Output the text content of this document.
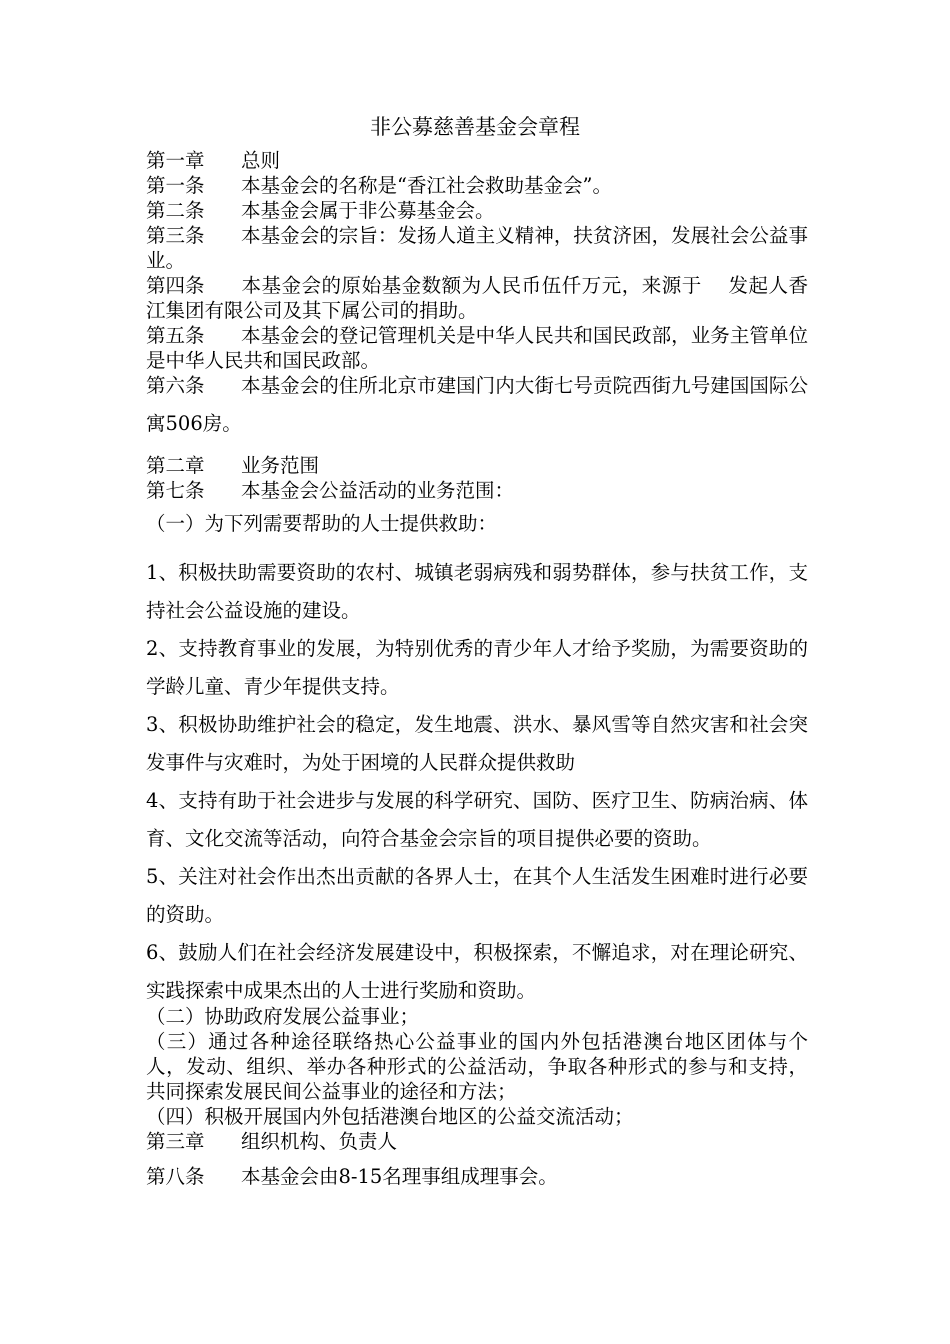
非公募慈善基金会章程

第一章 总则

第一条 本基金会的名称是“香江社会救助基金会”。

第二条 本基金会属于非公募基金会。

第三条 本基金会的宗旨：发扬人道主义精神，扶贫济困，发展社会公益事业。

第四条 本基金会的原始基金数额为人民币伍仟万元，来源于　 发起人香江集团有限公司及其下属公司的捐助。

第五条 本基金会的登记管理机关是中华人民共和国民政部，业务主管单位是中华人民共和国民政部。

第六条 本基金会的住所北京市建国门内大街七号贡院西街九号建国国际公寓506房。

第二章 业务范围

第七条 本基金会公益活动的业务范围：

（一）为下列需要帮助的人士提供救助：

1、积极扶助需要资助的农村、城镇老弱病残和弱势群体，参与扶贫工作，支持社会公益设施的建设。

2、支持教育事业的发展，为特别优秀的青少年人才给予奖励，为需要资助的学龄儿童、青少年提供支持。

3、积极协助维护社会的稳定，发生地震、洪水、暴风雪等自然灾害和社会突发事件与灾难时，为处于困境的人民群众提供救助

4、支持有助于社会进步与发展的科学研究、国防、医疗卫生、防病治病、体育、文化交流等活动，向符合基金会宗旨的项目提供必要的资助。

5、关注对社会作出杰出贡献的各界人士，在其个人生活发生困难时进行必要的资助。

6、鼓励人们在社会经济发展建设中，积极探索，不懈追求，对在理论研究、实践探索中成果杰出的人士进行奖励和资助。

（二）协助政府发展公益事业；

（三）通过各种途径联络热心公益事业的国内外包括港澳台地区团体与个人，发动、组织、举办各种形式的公益活动，争取各种形式的参与和支持，共同探索发展民间公益事业的途径和方法；

（四）积极开展国内外包括港澳台地区的公益交流活动；

第三章 组织机构、负责人

第八条 本基金会由8-15名理事组成理事会。
